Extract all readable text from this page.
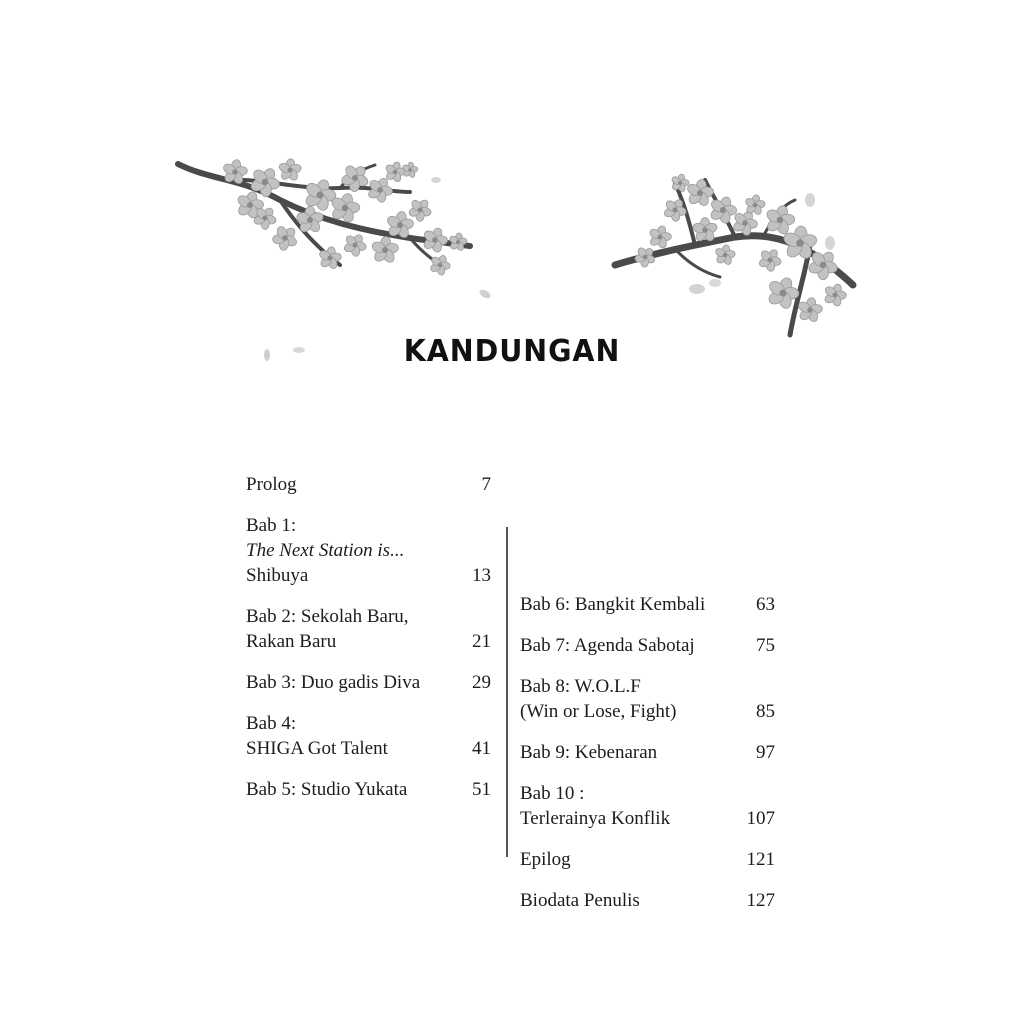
KANDUNGAN
Prolog	7
Bab 1:
The Next Station is...
Shibuya	13
Bab 2: Sekolah Baru,
Rakan Baru	21
Bab 3: Duo gadis Diva	29
Bab 4:
SHIGA Got Talent	41
Bab 5: Studio Yukata	51
Bab 6: Bangkit Kembali	63
Bab 7: Agenda Sabotaj	75
Bab 8: W.O.L.F
(Win or Lose, Fight)	85
Bab 9: Kebenaran	97
Bab 10 :
Terlerainya Konflik	107
Epilog	121
Biodata Penulis	127
